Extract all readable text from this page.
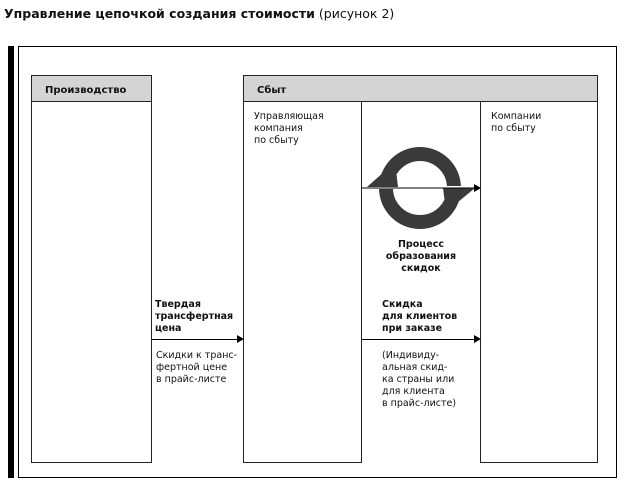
Управление цепочкой создания стоимости (рисунок 2)
Производство	Сбыт
Управляющая
компания
по сбыту
Компании
по сбыту
Процесс
образования
скидок
Твердая
трансфертная
цена
Скидки к транс-
фертной цене
в прайс-листе
Скидка
для клиентов
при заказе
(Индивиду-
альная скид-
ка страны или
для клиента
в прайс-листе)
